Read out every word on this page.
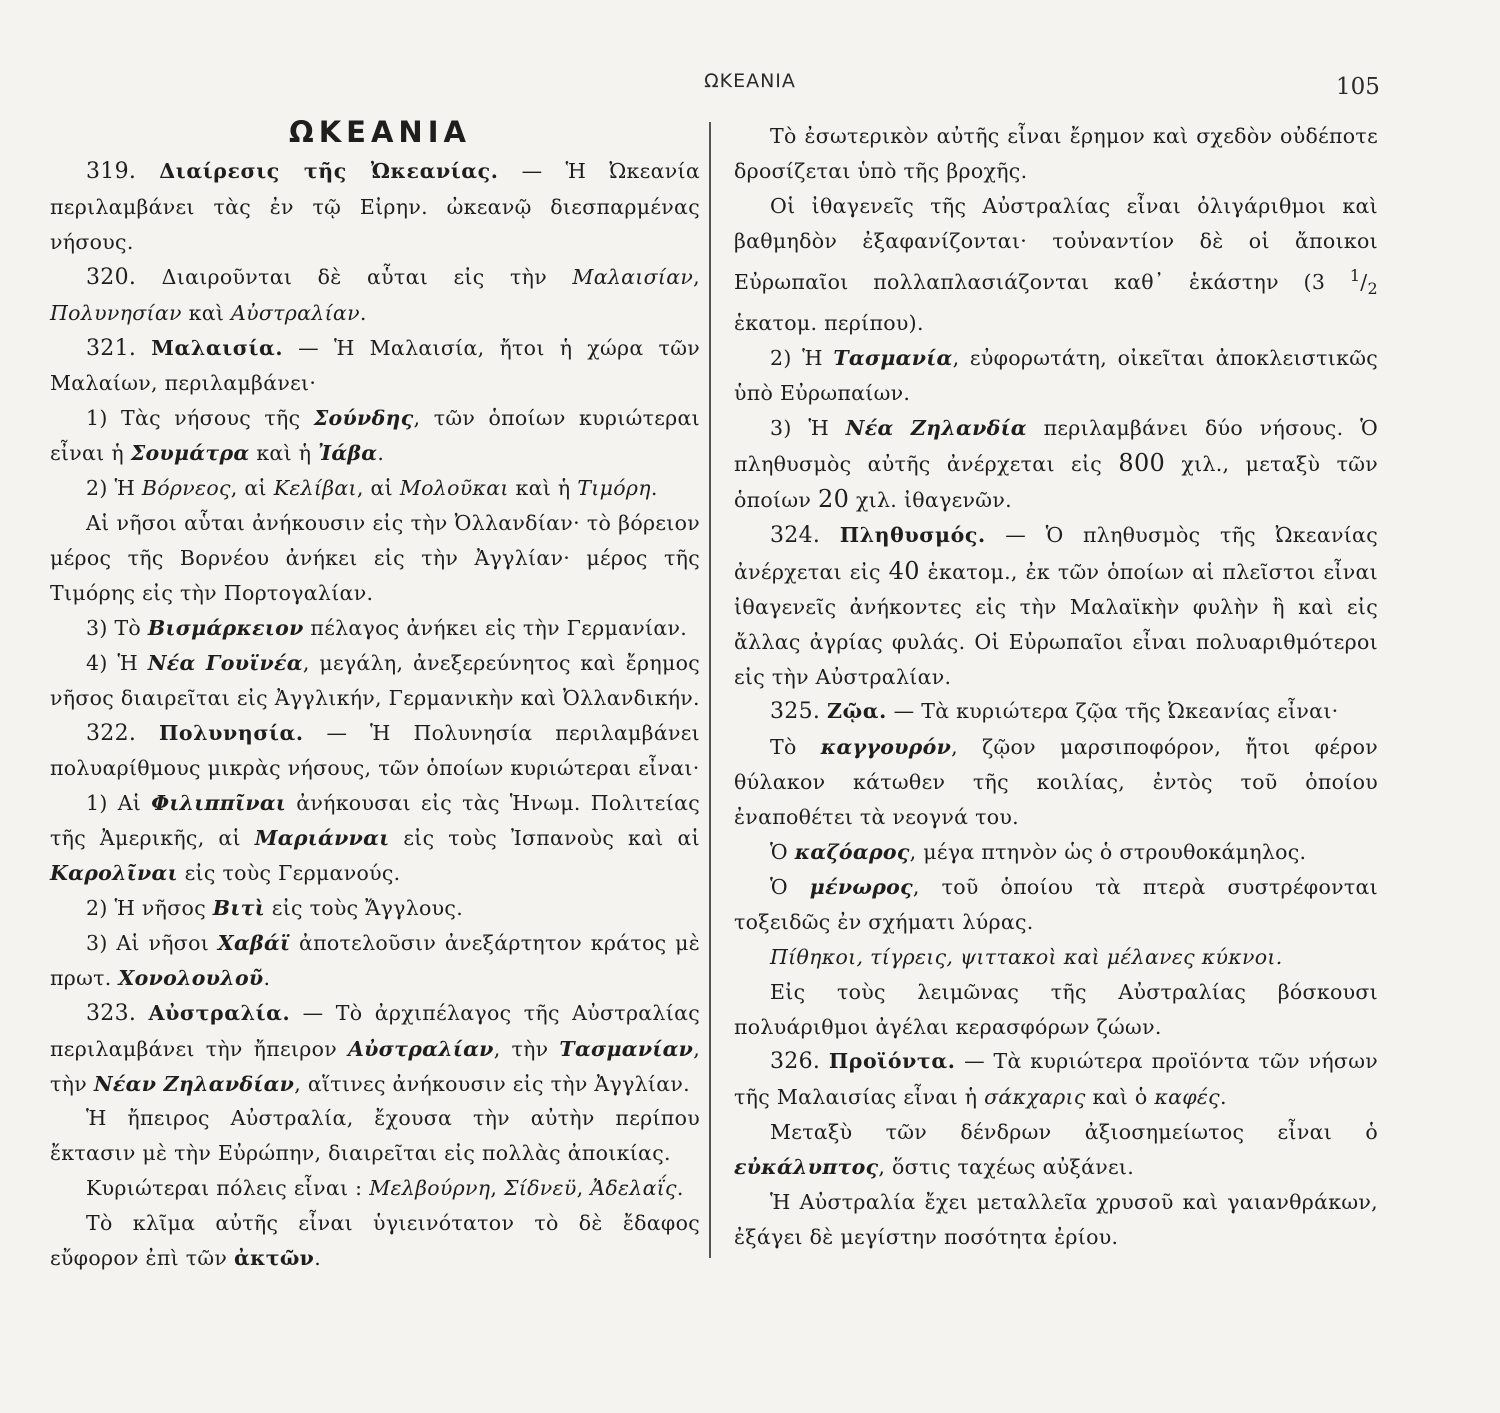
ΩΚΕΑΝΙΑ	105
ΩΚΕΑΝΙΑ

319. Διαίρεσις τῆς Ὠκεανίας. — Ἡ Ὠκεανία περιλαμβάνει τὰς ἐν τῷ Εἰρην. ὠκεανῷ διεσπαρμένας νήσους.

320. Διαιροῦνται δὲ αὗται εἰς τὴν Μαλαισίαν, Πολυνησίαν καὶ Αὐστραλίαν.

321. Μαλαισία. — Ἡ Μαλαισία, ἤτοι ἡ χώρα τῶν Μαλαίων, περιλαμβάνει·

1) Τὰς νήσους τῆς Σούνδης, τῶν ὁποίων κυριώτεραι εἶναι ἡ Σουμάτρα καὶ ἡ Ἰάβα.

2) Ἡ Βόρνεος, αἱ Κελίβαι, αἱ Μολοῦκαι καὶ ἡ Τιμόρη.

Αἱ νῆσοι αὗται ἀνήκουσιν εἰς τὴν Ὀλλανδίαν· τὸ βόρειον μέρος τῆς Βορνέου ἀνήκει εἰς τὴν Ἀγγλίαν· μέρος τῆς Τιμόρης εἰς τὴν Πορτογαλίαν.

3) Τὸ Βισμάρκειον πέλαγος ἀνήκει εἰς τὴν Γερμανίαν.

4) Ἡ Νέα Γουϊνέα, μεγάλη, ἀνεξερεύνητος καὶ ἔρημος νῆσος διαιρεῖται εἰς Ἀγγλικήν, Γερμανικὴν καὶ Ὀλλανδικήν.

322. Πολυνησία. — Ἡ Πολυνησία περιλαμβάνει πολυαρίθμους μικρὰς νήσους, τῶν ὁποίων κυριώτεραι εἶναι·

1) Αἱ Φιλιππῖναι ἀνήκουσαι εἰς τὰς Ἡνωμ. Πολιτείας τῆς Ἀμερικῆς, αἱ Μαριάνναι εἰς τοὺς Ἰσπανοὺς καὶ αἱ Καρολῖναι εἰς τοὺς Γερμανούς.

2) Ἡ νῆσος Βιτὶ εἰς τοὺς Ἄγγλους.

3) Αἱ νῆσοι Χαβάϊ ἀποτελοῦσιν ἀνεξάρτητον κράτος μὲ πρωτ. Χονολουλοῦ.

323. Αὐστραλία. — Τὸ ἀρχιπέλαγος τῆς Αὐστραλίας περιλαμβάνει τὴν ἤπειρον Αὐστραλίαν, τὴν Τασμανίαν, τὴν Νέαν Ζηλανδίαν, αἵτινες ἀνήκουσιν εἰς τὴν Ἀγγλίαν.

Ἡ ἤπειρος Αὐστραλία, ἔχουσα τὴν αὐτὴν περίπου ἔκτασιν μὲ τὴν Εὐρώπην, διαιρεῖται εἰς πολλὰς ἀποικίας.

Κυριώτεραι πόλεις εἶναι : Μελβούρνη, Σίδνεϋ, Ἀδελαΐς.

Τὸ κλῖμα αὐτῆς εἶναι ὑγιεινότατον τὸ δὲ ἔδαφος εὔφορον ἐπὶ τῶν ἀκτῶν.

Τὸ ἐσωτερικὸν αὐτῆς εἶναι ἔρημον καὶ σχεδὸν οὐδέποτε δροσίζεται ὑπὸ τῆς βροχῆς.

Οἱ ἰθαγενεῖς τῆς Αὐστραλίας εἶναι ὀλιγάριθμοι καὶ βαθμηδὸν ἐξαφανίζονται· τοὐναντίον δὲ οἱ ἄποικοι Εὐρωπαῖοι πολλαπλασιάζονται καθ᾽ ἑκάστην (3 $^1/_2$ ἑκατομ. περίπου).

2) Ἡ Τασμανία, εὐφορωτάτη, οἰκεῖται ἀποκλειστικῶς ὑπὸ Εὐρωπαίων.

3) Ἡ Νέα Ζηλανδία περιλαμβάνει δύο νήσους. Ὁ πληθυσμὸς αὐτῆς ἀνέρχεται εἰς 800 χιλ., μεταξὺ τῶν ὁποίων 20 χιλ. ἰθαγενῶν.

324. Πληθυσμός. — Ὁ πληθυσμὸς τῆς Ὠκεανίας ἀνέρχεται εἰς 40 ἑκατομ., ἐκ τῶν ὁποίων αἱ πλεῖστοι εἶναι ἰθαγενεῖς ἀνήκοντες εἰς τὴν Μαλαϊκὴν φυλὴν ἢ καὶ εἰς ἄλλας ἀγρίας φυλάς. Οἱ Εὐρωπαῖοι εἶναι πολυαριθμότεροι εἰς τὴν Αὐστραλίαν.

325. Ζῷα. — Τὰ κυριώτερα ζῷα τῆς Ὠκεανίας εἶναι·

Τὸ καγγουρόν, ζῷον μαρσιποφόρον, ἤτοι φέρον θύλακον κάτωθεν τῆς κοιλίας, ἐντὸς τοῦ ὁποίου ἐναποθέτει τὰ νεογνά του.

Ὁ καζόαρος, μέγα πτηνὸν ὡς ὁ στρουθοκάμηλος.

Ὁ μένωρος, τοῦ ὁποίου τὰ πτερὰ συστρέφονται τοξειδῶς ἐν σχήματι λύρας.

Πίθηκοι, τίγρεις, ψιττακοὶ καὶ μέλανες κύκνοι.

Εἰς τοὺς λειμῶνας τῆς Αὐστραλίας βόσκουσι πολυάριθμοι ἀγέλαι κερασφόρων ζώων.

326. Προϊόντα. — Τὰ κυριώτερα προϊόντα τῶν νήσων τῆς Μαλαισίας εἶναι ἡ σάκχαρις καὶ ὁ καφές.

Μεταξὺ τῶν δένδρων ἀξιοσημείωτος εἶναι ὁ εὐκάλυπτος, ὅστις ταχέως αὐξάνει.

Ἡ Αὐστραλία ἔχει μεταλλεῖα χρυσοῦ καὶ γαιανθράκων, ἐξάγει δὲ μεγίστην ποσότητα ἐρίου.
